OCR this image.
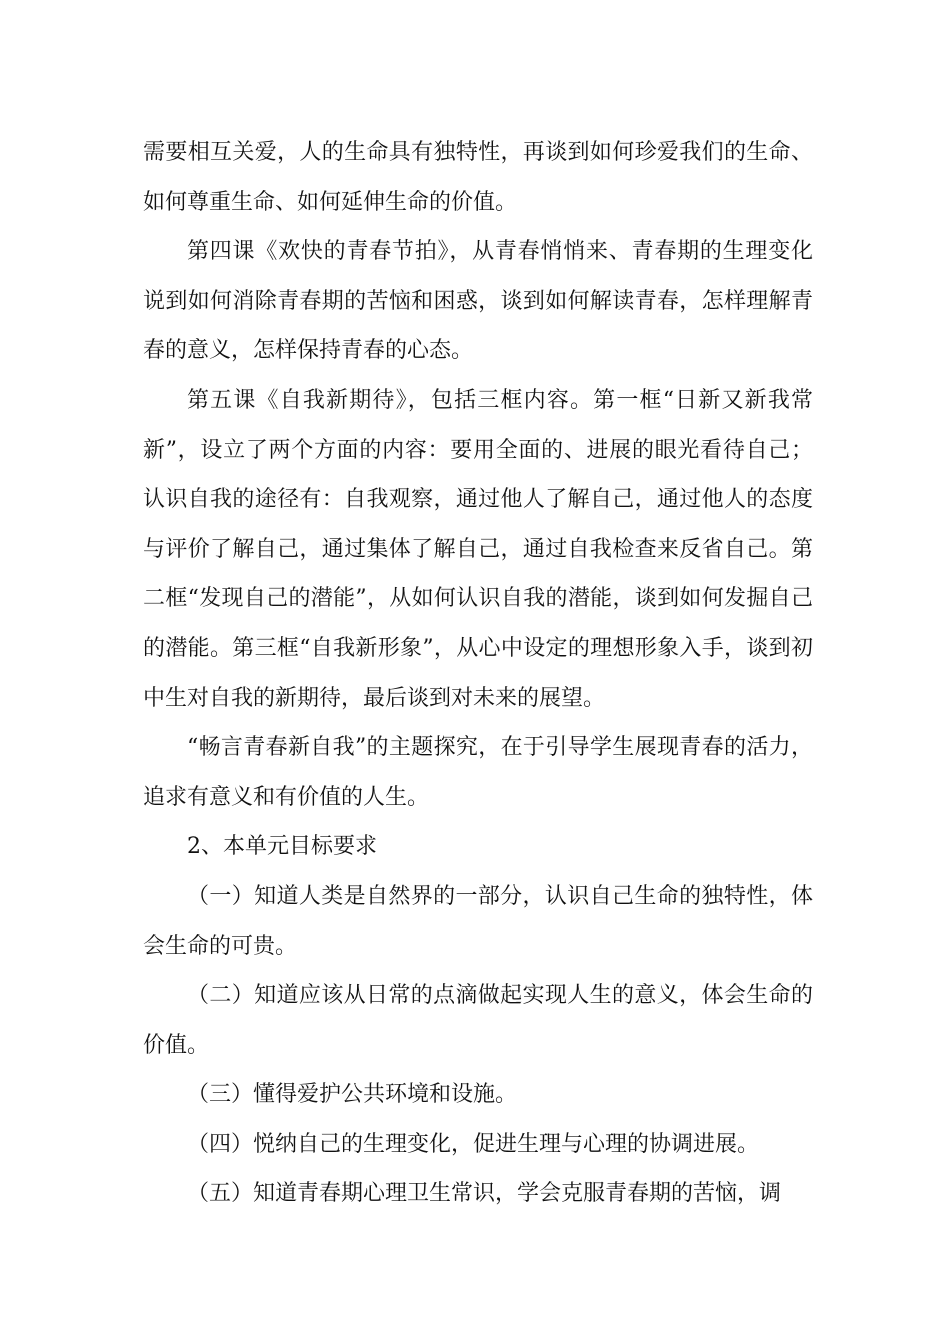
需要相互关爱，人的生命具有独特性，再谈到如何珍爱我们的生命、如何尊重生命、如何延伸生命的价值。

第四课《欢快的青春节拍》，从青春悄悄来、青春期的生理变化说到如何消除青春期的苦恼和困惑，谈到如何解读青春，怎样理解青春的意义，怎样保持青春的心态。

第五课《自我新期待》，包括三框内容。第一框“日新又新我常新”，设立了两个方面的内容：要用全面的、进展的眼光看待自己；认识自我的途径有：自我观察，通过他人了解自己，通过他人的态度与评价了解自己，通过集体了解自己，通过自我检查来反省自己。第二框“发现自己的潜能”，从如何认识自我的潜能，谈到如何发掘自己的潜能。第三框“自我新形象”，从心中设定的理想形象入手，谈到初中生对自我的新期待，最后谈到对未来的展望。

“畅言青春新自我”的主题探究，在于引导学生展现青春的活力，追求有意义和有价值的人生。

2、本单元目标要求

（一）知道人类是自然界的一部分，认识自己生命的独特性，体会生命的可贵。

（二）知道应该从日常的点滴做起实现人生的意义，体会生命的价值。

（三）懂得爱护公共环境和设施。

（四）悦纳自己的生理变化，促进生理与心理的协调进展。

（五）知道青春期心理卫生常识，学会克服青春期的苦恼，调
